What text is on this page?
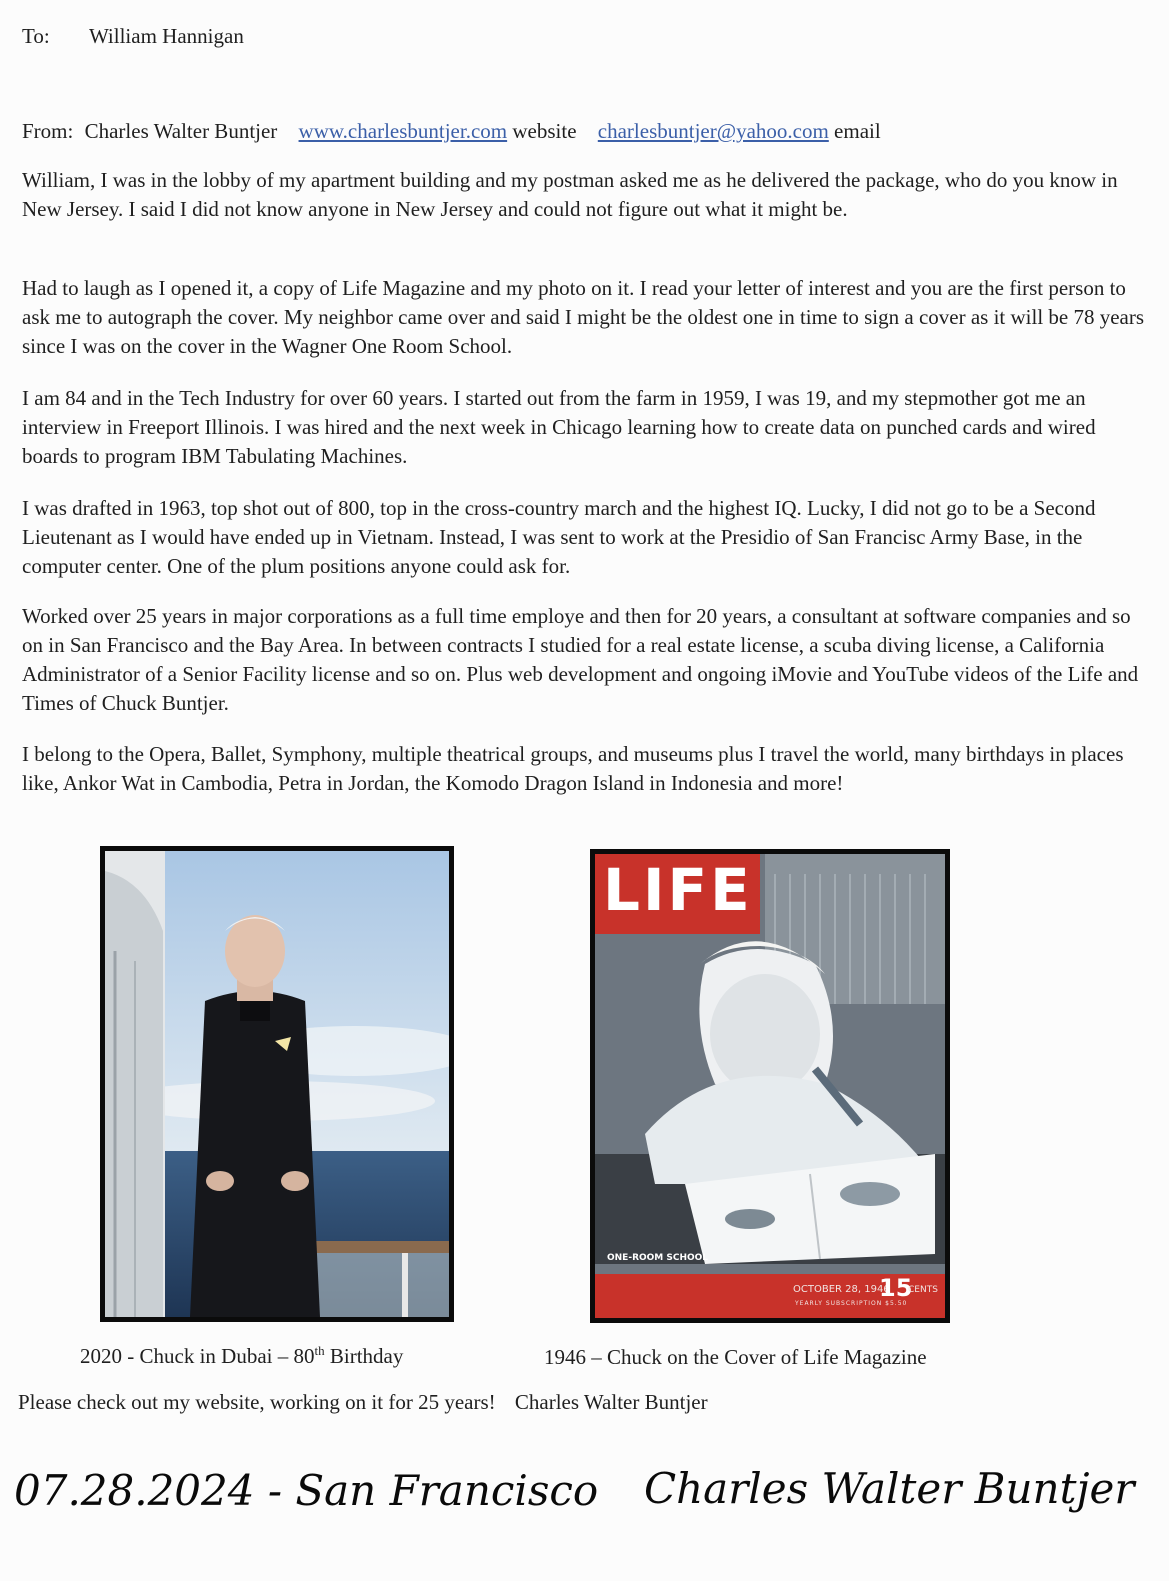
To: William Hannigan
From: Charles Walter Buntjer www.charlesbuntjer.com website charlesbuntjer@yahoo.com email

William, I was in the lobby of my apartment building and my postman asked me as he delivered the package, who do you know in New Jersey. I said I did not know anyone in New Jersey and could not figure out what it might be.

Had to laugh as I opened it, a copy of Life Magazine and my photo on it. I read your letter of interest and you are the first person to ask me to autograph the cover. My neighbor came over and said I might be the oldest one in time to sign a cover as it will be 78 years since I was on the cover in the Wagner One Room School.

I am 84 and in the Tech Industry for over 60 years. I started out from the farm in 1959, I was 19, and my stepmother got me an interview in Freeport Illinois. I was hired and the next week in Chicago learning how to create data on punched cards and wired boards to program IBM Tabulating Machines.

I was drafted in 1963, top shot out of 800, top in the cross-country march and the highest IQ. Lucky, I did not go to be a Second Lieutenant as I would have ended up in Vietnam. Instead, I was sent to work at the Presidio of San Francisc Army Base, in the computer center. One of the plum positions anyone could ask for.

Worked over 25 years in major corporations as a full time employe and then for 20 years, a consultant at software companies and so on in San Francisco and the Bay Area. In between contracts I studied for a real estate license, a scuba diving license, a California Administrator of a Senior Facility license and so on. Plus web development and ongoing iMovie and YouTube videos of the Life and Times of Chuck Buntjer.

I belong to the Opera, Ballet, Symphony, multiple theatrical groups, and museums plus I travel the world, many birthdays in places like, Ankor Wat in Cambodia, Petra in Jordan, the Komodo Dragon Island in Indonesia and more!

LIFE
ONE-ROOM SCHOOL
OCTOBER 28, 1946
15
CENTS
YEARLY SUBSCRIPTION $5.50
2020 - Chuck in Dubai – 80th Birthday	1946 – Chuck on the Cover of Life Magazine
Please check out my website, working on it for 25 years! Charles Walter Buntjer
07.28.2024 - San Francisco Charles Walter Buntjer
